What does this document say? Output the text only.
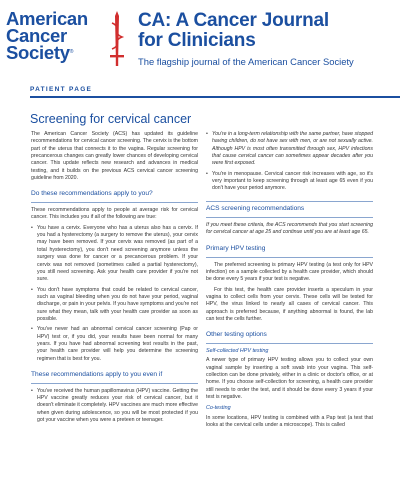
American
Cancer
Society®
CA: A Cancer Journal
for Clinicians
The flagship journal of the American Cancer Society
PATIENT PAGE
Screening for cervical cancer

The American Cancer Society (ACS) has updated its guideline recommendations for cervical cancer screening. The cervix is the bottom part of the uterus that connects it to the vagina. Regular screening for precancerous changes can greatly lower chances of developing cervical cancer. This update reflects new research and advances in medical testing, and it builds on the previous ACS cervical cancer screening guideline from 2020.

Do these recommendations apply to you?

These recommendations apply to people at average risk for cervical cancer. This includes you if all of the following are true:

• You have a cervix. Everyone who has a uterus also has a cervix. If you had a hysterectomy (a surgery to remove the uterus), your cervix may have been removed. If your cervix was removed (as part of a total hysterectomy), you don't need screening anymore unless the surgery was done for cancer or a precancerous problem. If your cervix was not removed (sometimes called a partial hysterectomy), you still need screening. Ask your health care provider if you're not sure.
• You don't have symptoms that could be related to cervical cancer, such as vaginal bleeding when you do not have your period, vaginal discharge, or pain in your pelvis. If you have symptoms and you're not sure what they mean, talk with your health care provider as soon as possible.
• You've never had an abnormal cervical cancer screening (Pap or HPV) test or, if you did, your results have been normal for many years. If you have had abnormal screening test results in the past, your health care provider will help you determine the screening regimen that is best for you.
These recommendations apply to you even if
• You've received the human papillomavirus (HPV) vaccine. Getting the HPV vaccine greatly reduces your risk of cervical cancer, but it doesn't eliminate it completely. HPV vaccines are much more effective when given during adolescence, so you will be most protected if you got your vaccine when you were a preteen or teenager.
• You're in a long-term relationship with the same partner, have stopped having children, do not have sex with men, or are not sexually active. Although HPV is most often transmitted through sex, HPV infections that cause cervical cancer can sometimes appear decades after you were first exposed.
• You're in menopause. Cervical cancer risk increases with age, so it's very important to keep screening through at least age 65 even if you don't have your period anymore.
ACS screening recommendations

If you meet these criteria, the ACS recommends that you start screening for cervical cancer at age 25 and continue until you are at least age 65.

Primary HPV testing

The preferred screening is primary HPV testing (a test only for HPV infection) on a sample collected by a health care provider, which should be done every 5 years if your test is negative.

For this test, the health care provider inserts a speculum in your vagina to collect cells from your cervix. These cells will be tested for HPV, the virus linked to nearly all cases of cervical cancer. This approach is preferred because, if anything abnormal is found, the lab can test the cells further.

Other testing options
Self-collected HPV testing

A newer type of primary HPV testing allows you to collect your own vaginal sample by inserting a soft swab into your vagina. This self-collection can be done privately, either in a clinic or doctor's office, or at home. If you choose self-collection for screening, a health care provider still needs to order the test, and it should be done every 3 years if your test is negative.

Co-testing

In some locations, HPV testing is combined with a Pap test (a test that looks at the cervical cells under a microscope). This is called
